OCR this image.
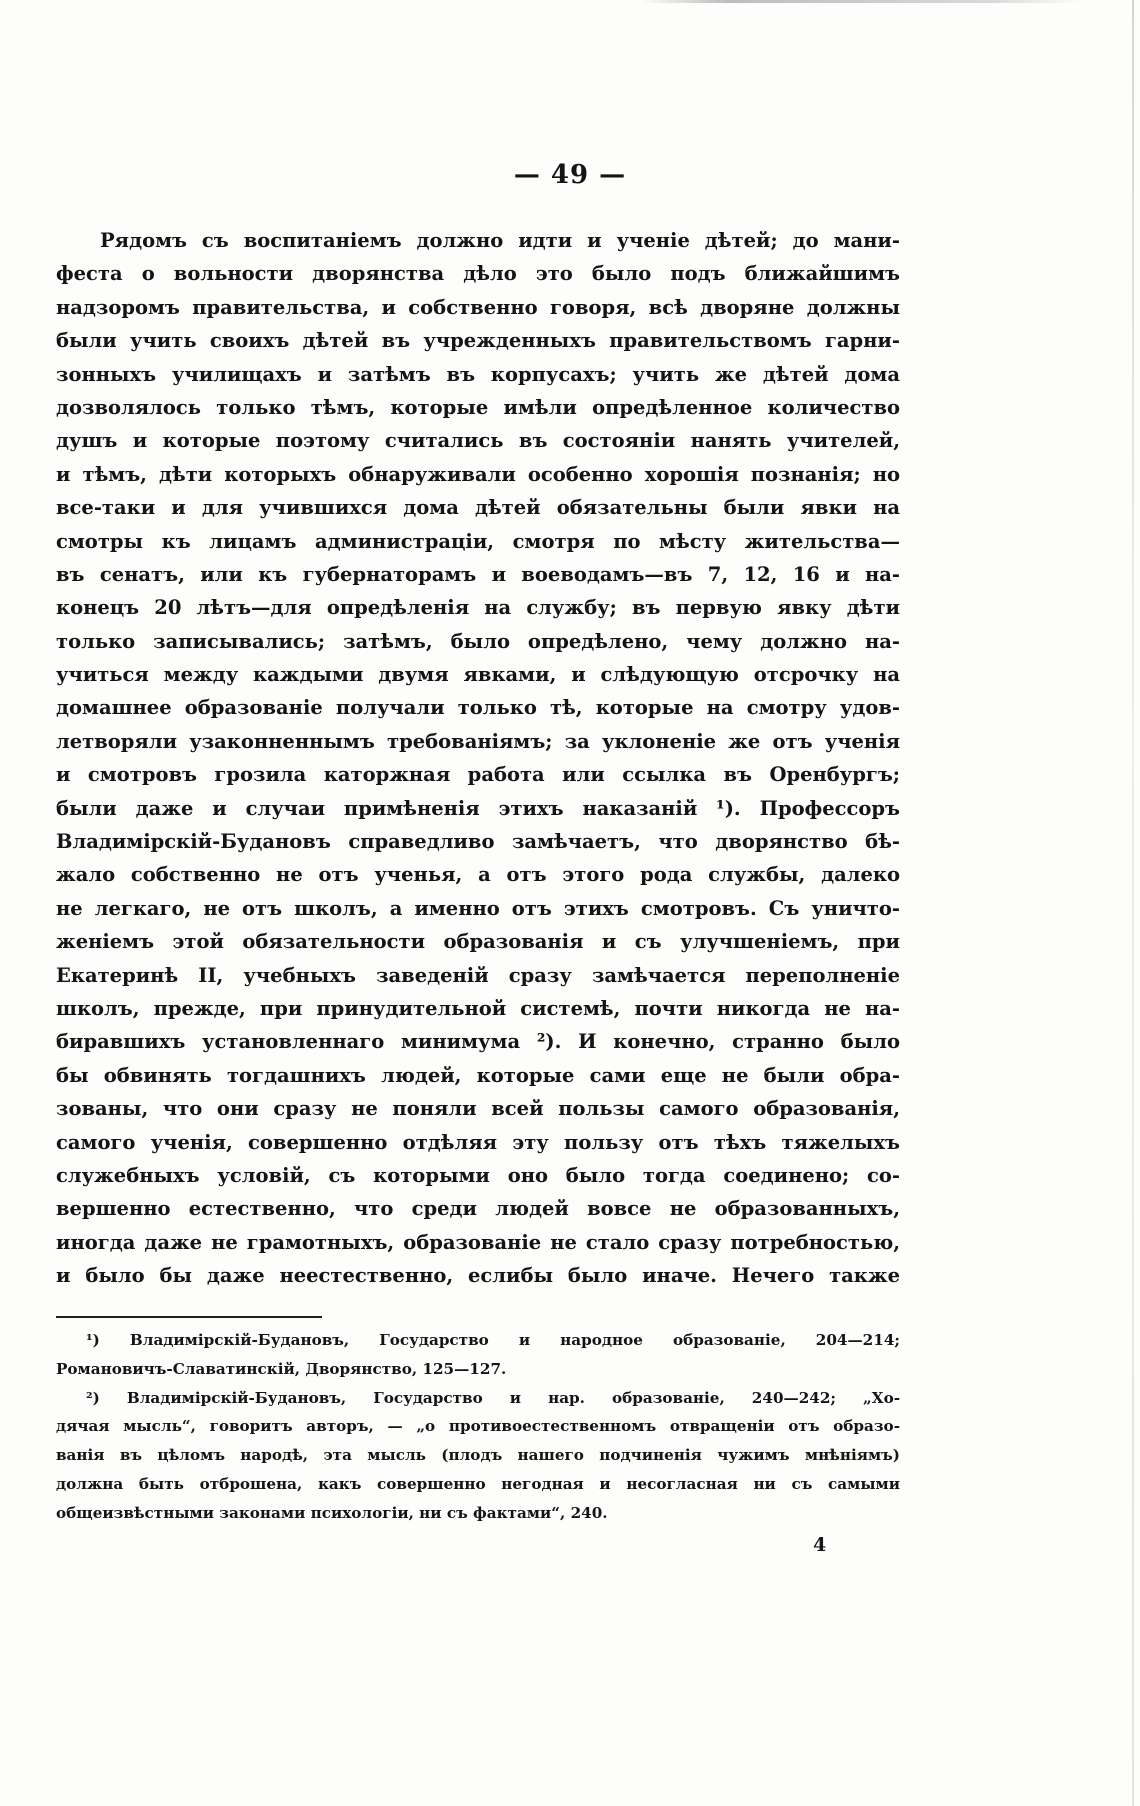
— 49 —
Рядомъ съ воспитаніемъ должно идти и ученіе дѣтей; до мани-
феста о вольности дворянства дѣло это было подъ ближайшимъ
надзоромъ правительства, и собственно говоря, всѣ дворяне должны
были учить своихъ дѣтей въ учрежденныхъ правительствомъ гарни-
зонныхъ училищахъ и затѣмъ въ корпусахъ; учить же дѣтей дома
дозволялось только тѣмъ, которые имѣли опредѣленное количество
душъ и которые поэтому считались въ состояніи нанять учителей,
и тѣмъ, дѣти которыхъ обнаруживали особенно хорошія познанія; но
все-таки и для учившихся дома дѣтей обязательны были явки на
смотры къ лицамъ администраціи, смотря по мѣсту жительства—
въ сенатъ, или къ губернаторамъ и воеводамъ—въ 7, 12, 16 и на-
конецъ 20 лѣтъ—для опредѣленія на службу; въ первую явку дѣти
только записывались; затѣмъ, было опредѣлено, чему должно на-
учиться между каждыми двумя явками, и слѣдующую отсрочку на
домашнее образованіе получали только тѣ, которые на смотру удов-
летворяли узаконненнымъ требованіямъ; за уклоненіе же отъ ученія
и смотровъ грозила каторжная работа или ссылка въ Оренбургъ;
были даже и случаи примѣненія этихъ наказаній ¹). Профессоръ
Владимірскій-Будановъ справедливо замѣчаетъ, что дворянство бѣ-
жало собственно не отъ ученья, а отъ этого рода службы, далеко
не легкаго, не отъ школъ, а именно отъ этихъ смотровъ. Съ уничто-
женіемъ этой обязательности образованія и съ улучшеніемъ, при
Екатеринѣ II, учебныхъ заведеній сразу замѣчается переполненіе
школъ, прежде, при принудительной системѣ, почти никогда не на-
биравшихъ установленнаго минимума ²). И конечно, странно было
бы обвинять тогдашнихъ людей, которые сами еще не были обра-
зованы, что они сразу не поняли всей пользы самого образованія,
самого ученія, совершенно отдѣляя эту пользу отъ тѣхъ тяжелыхъ
служебныхъ условій, съ которыми оно было тогда соединено; со-
вершенно естественно, что среди людей вовсе не образованныхъ,
иногда даже не грамотныхъ, образованіе не стало сразу потребностью,
и было бы даже неестественно, еслибы было иначе. Нечего также
¹) Владимірскій-Будановъ, Государство и народное образованіе, 204—214;
Романовичъ-Славатинскій, Дворянство, 125—127.
²) Владимірскій-Будановъ, Государство и нар. образованіе, 240—242; „Хо-
дячая мысль“, говоритъ авторъ, — „о противоестественномъ отвращеніи отъ образо-
ванія въ цѣломъ народѣ, эта мысль (плодъ нашего подчиненія чужимъ мнѣніямъ)
должна быть отброшена, какъ совершенно негодная и несогласная ни съ самыми
общеизвѣстными законами психологіи, ни съ фактами“, 240.
4
